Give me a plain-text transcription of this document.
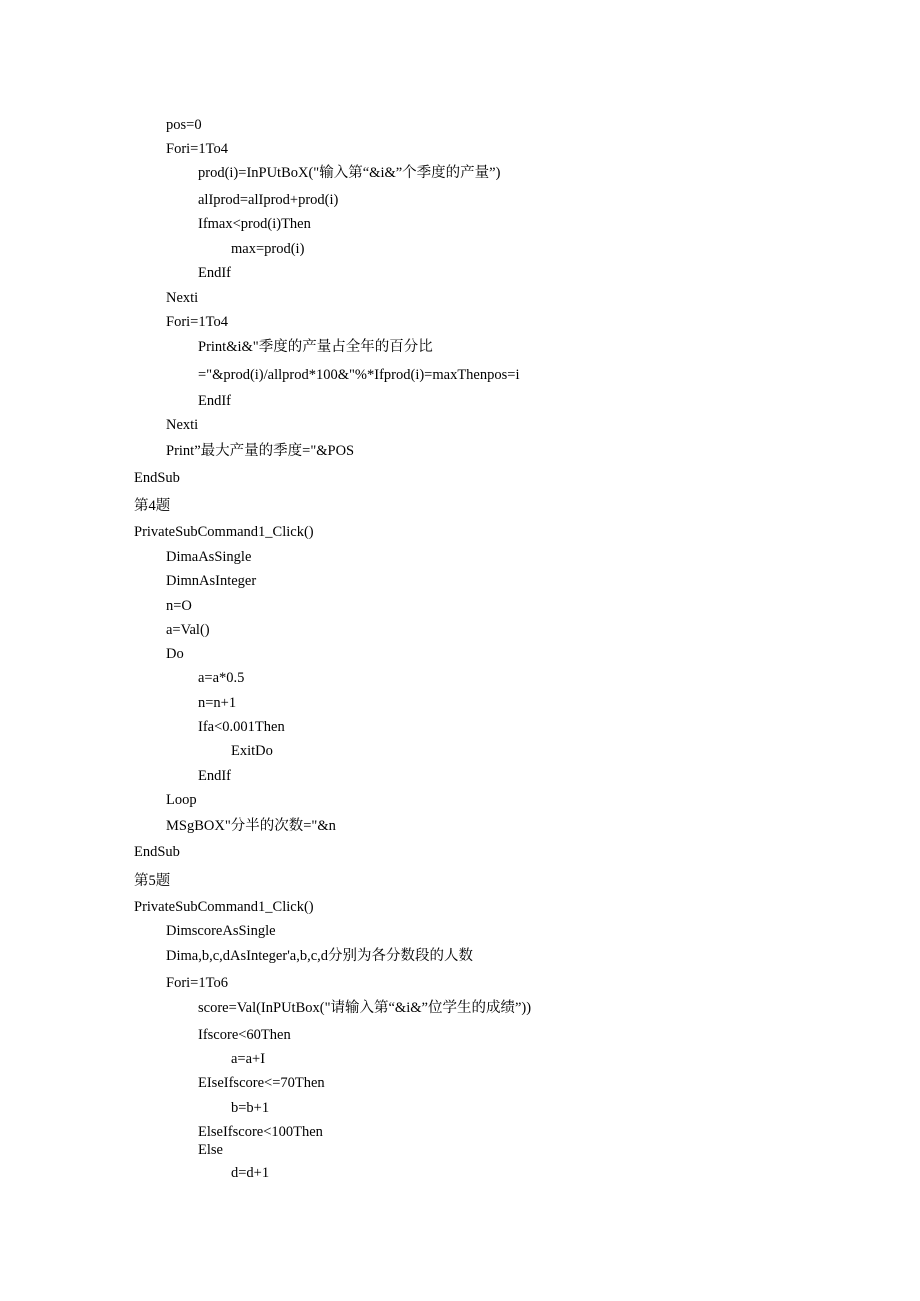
pos=0
Fori=1To4
prod(i)=InPUtBoX("输入第“&i&”个季度的产量”)
alIprod=alIprod+prod(i)
Ifmax<prod(i)Then
max=prod(i)
EndIf
Nexti
Fori=1To4
Print&i&"季度的产量占全年的百分比
="&prod(i)/allprod*100&"%*Ifprod(i)=maxThenpos=i
EndIf
Nexti
Print”最大产量的季度="&POS
EndSub
第4题
PrivateSubCommand1_Click()
DimaAsSingle
DimnAsInteger
n=O
a=Val()
Do
a=a*0.5
n=n+1
Ifa<0.001Then
ExitDo
EndIf
Loop
MSgBOX"分半的次数="&n
EndSub
第5题
PrivateSubCommand1_Click()
DimscoreAsSingle
Dima,b,c,dAsInteger'a,b,c,d分别为各分数段的人数
Fori=1To6
score=Val(InPUtBox("请输入第“&i&”位学生的成绩”))
Ifscore<60Then
a=a+I
EIseIfscore<=70Then
b=b+1
ElseIfscore<100Then
Else
d=d+1
